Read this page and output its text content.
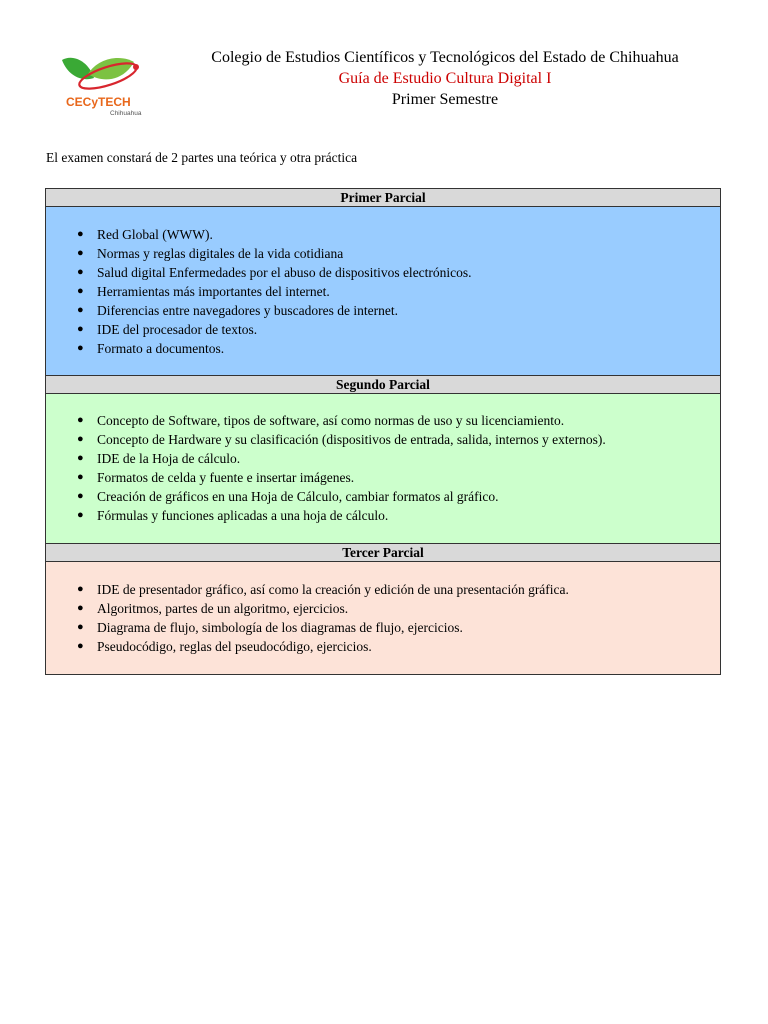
CECyTECH
Chihuahua
Colegio de Estudios Científicos y Tecnológicos del Estado de Chihuahua
Guía de Estudio Cultura Digital I
Primer Semestre
El examen constará de 2 partes una teórica y otra práctica
Primer Parcial
● Red Global (WWW).
● Normas y reglas digitales de la vida cotidiana
● Salud digital Enfermedades por el abuso de dispositivos electrónicos.
● Herramientas más importantes del internet.
● Diferencias entre navegadores y buscadores de internet.
● IDE del procesador de textos.
● Formato a documentos.
Segundo Parcial
● Concepto de Software, tipos de software, así como normas de uso y su licenciamiento.
● Concepto de Hardware y su clasificación (dispositivos de entrada, salida, internos y externos).
● IDE de la Hoja de cálculo.
● Formatos de celda y fuente e insertar imágenes.
● Creación de gráficos en una Hoja de Cálculo, cambiar formatos al gráfico.
● Fórmulas y funciones aplicadas a una hoja de cálculo.
Tercer Parcial
● IDE de presentador gráfico, así como la creación y edición de una presentación gráfica.
● Algoritmos, partes de un algoritmo, ejercicios.
● Diagrama de flujo, simbología de los diagramas de flujo, ejercicios.
● Pseudocódigo, reglas del pseudocódigo, ejercicios.
